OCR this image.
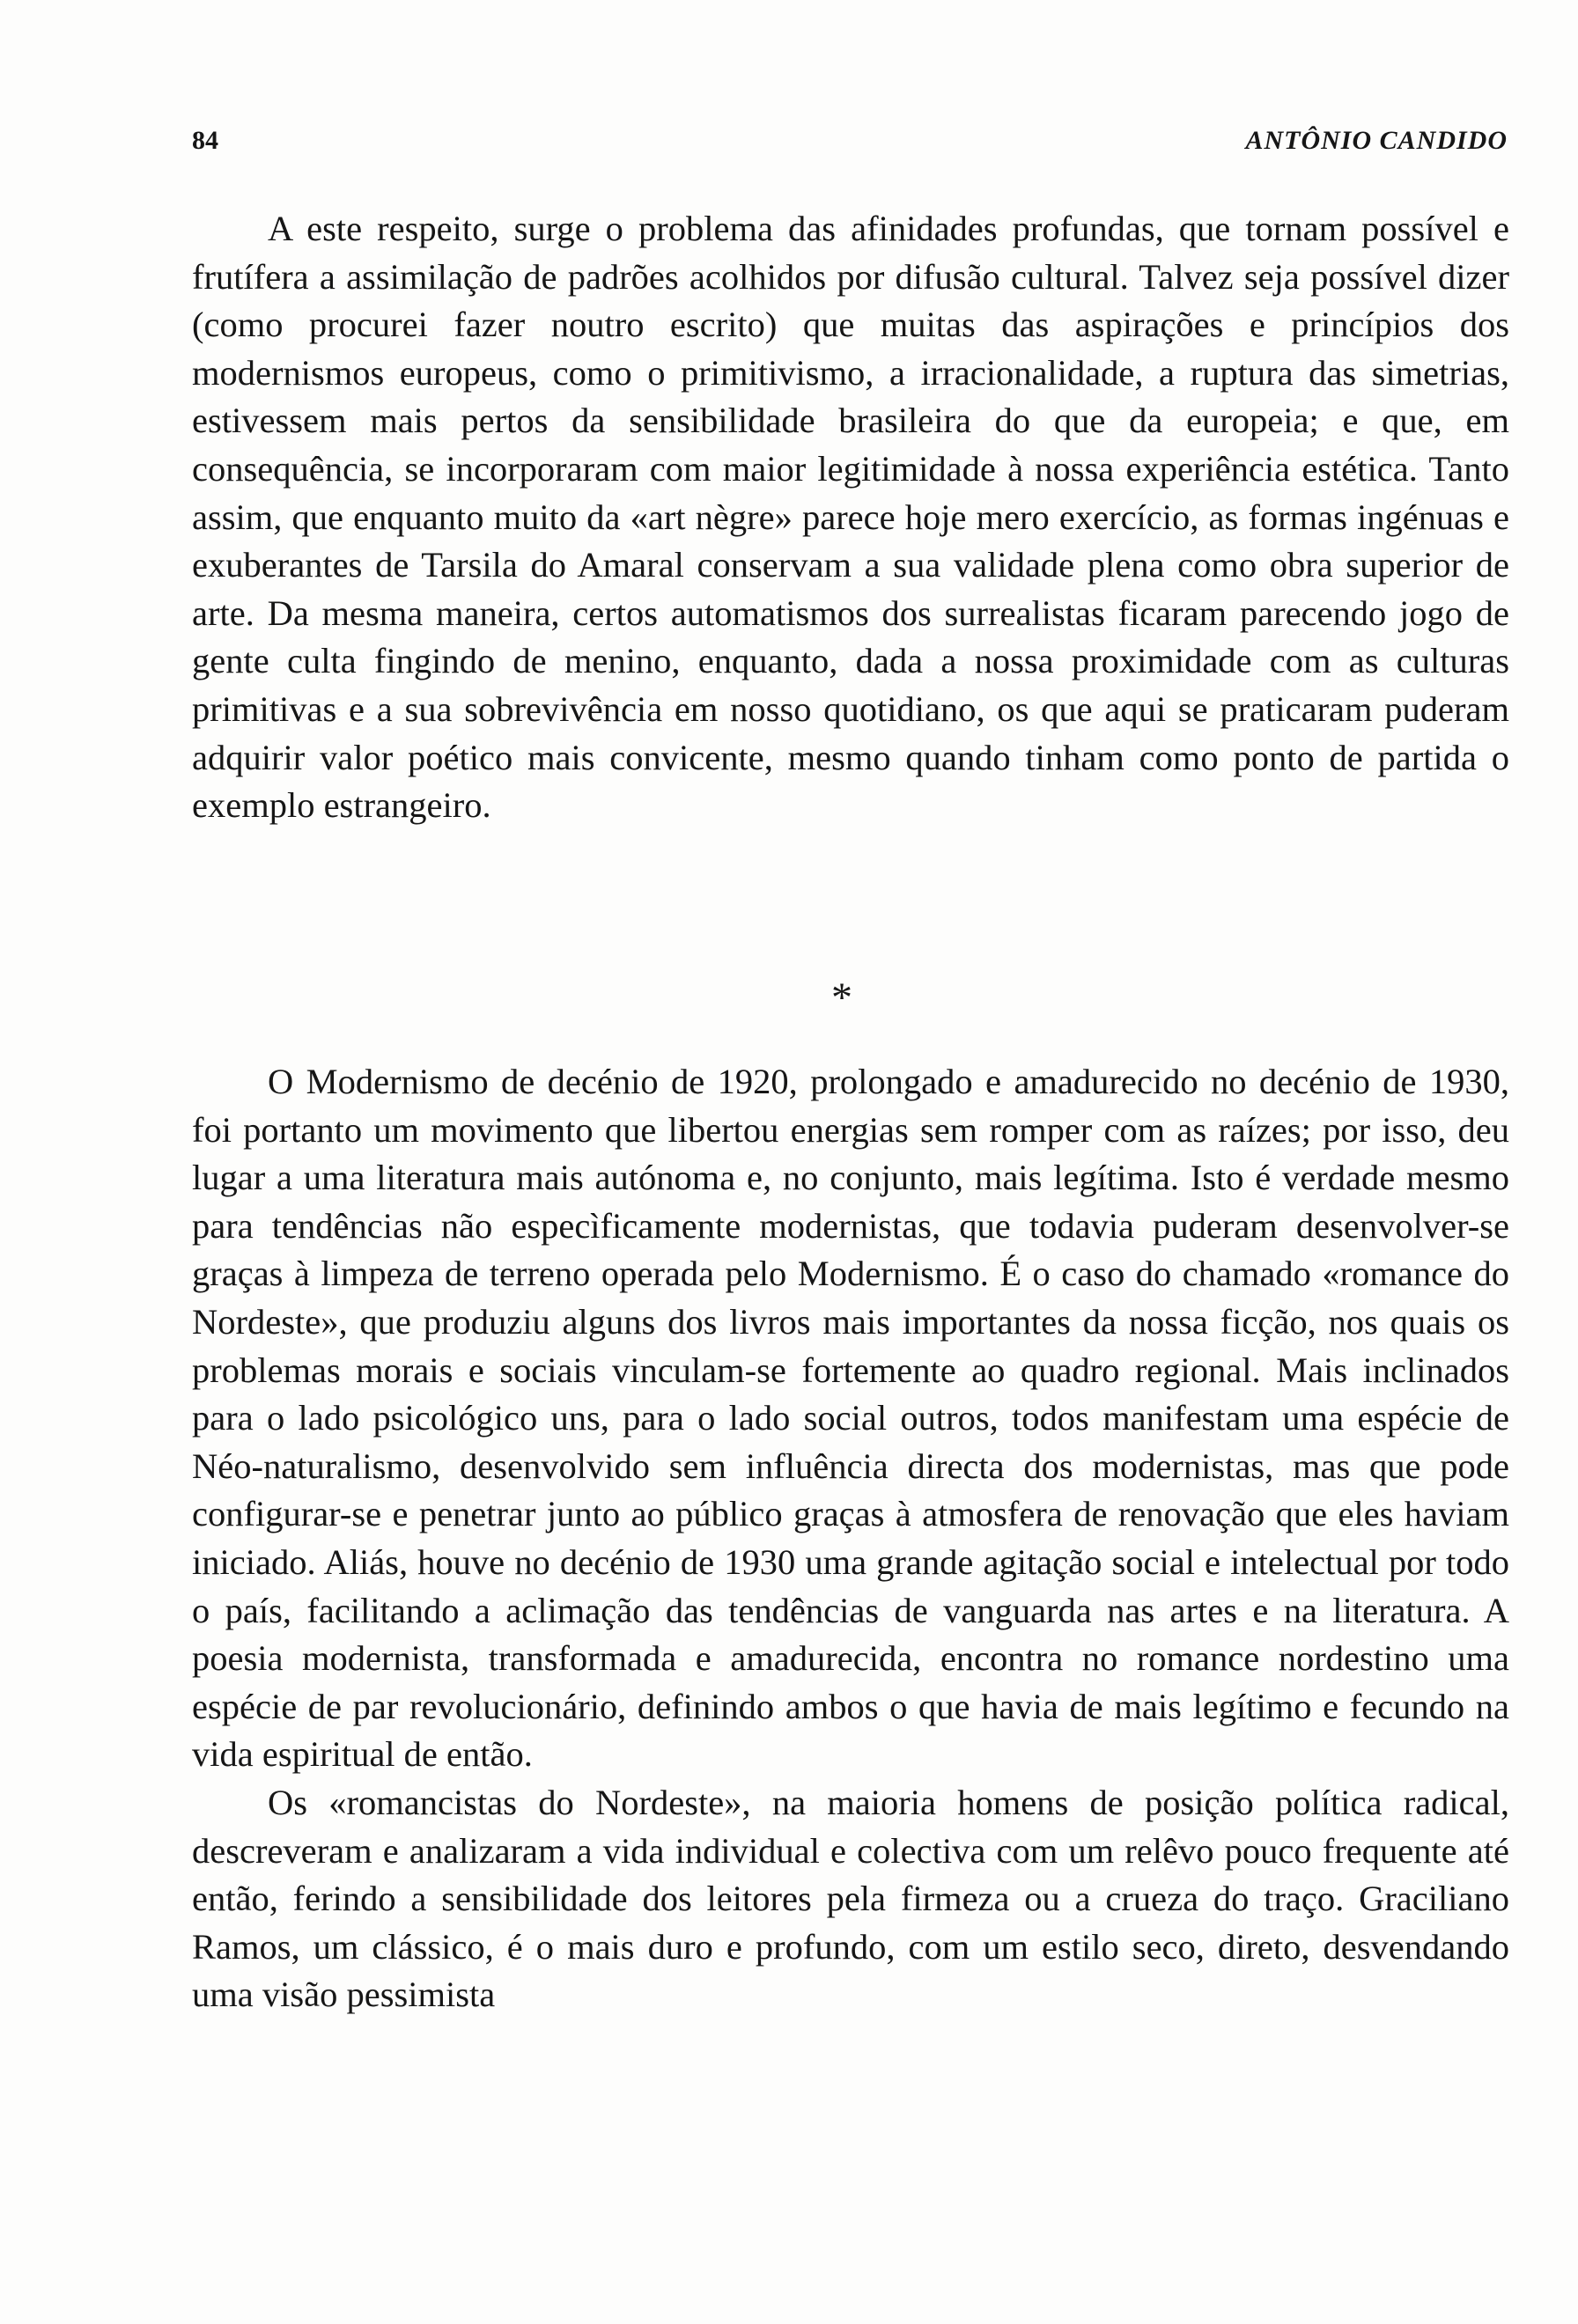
84	ANTÔNIO CANDIDO

A este respeito, surge o problema das afinidades profundas, que tornam possível e frutífera a assimilação de padrões acolhidos por difusão cultural. Talvez seja possível dizer (como procurei fazer noutro escrito) que muitas das aspirações e princípios dos modernismos europeus, como o primitivismo, a irracionalidade, a ruptura das simetrias, estivessem mais pertos da sensibilidade brasileira do que da europeia; e que, em consequência, se incorporaram com maior legitimidade à nossa experiência estética. Tanto assim, que enquanto muito da «art nègre» parece hoje mero exercício, as formas ingénuas e exuberantes de Tarsila do Amaral conservam a sua validade plena como obra superior de arte. Da mesma maneira, certos automatismos dos surrealistas ficaram parecendo jogo de gente culta fingindo de menino, enquanto, dada a nossa proximidade com as culturas primitivas e a sua sobrevivência em nosso quotidiano, os que aqui se praticaram puderam adquirir valor poético mais convicente, mesmo quando tinham como ponto de partida o exemplo estrangeiro.

*

O Modernismo de decénio de 1920, prolongado e amadurecido no decénio de 1930, foi portanto um movimento que libertou energias sem romper com as raízes; por isso, deu lugar a uma literatura mais autónoma e, no conjunto, mais legítima. Isto é verdade mesmo para tendências não especìficamente modernistas, que todavia puderam desenvolver-se graças à limpeza de terreno operada pelo Modernismo. É o caso do chamado «romance do Nordeste», que produziu alguns dos livros mais importantes da nossa ficção, nos quais os problemas morais e sociais vinculam-se fortemente ao quadro regional. Mais inclinados para o lado psicológico uns, para o lado social outros, todos manifestam uma espécie de Néo-naturalismo, desenvolvido sem influência directa dos modernistas, mas que pode configurar-se e penetrar junto ao público graças à atmosfera de renovação que eles haviam iniciado. Aliás, houve no decénio de 1930 uma grande agitação social e intelectual por todo o país, facilitando a aclimação das tendências de vanguarda nas artes e na literatura. A poesia modernista, transformada e amadurecida, encontra no romance nordestino uma espécie de par revolucionário, definindo ambos o que havia de mais legítimo e fecundo na vida espiritual de então.

Os «romancistas do Nordeste», na maioria homens de posição política radical, descreveram e analizaram a vida individual e colectiva com um relêvo pouco frequente até então, ferindo a sensibilidade dos leitores pela firmeza ou a crueza do traço. Graciliano Ramos, um clássico, é o mais duro e profundo, com um estilo seco, direto, desvendando uma visão pessimista
